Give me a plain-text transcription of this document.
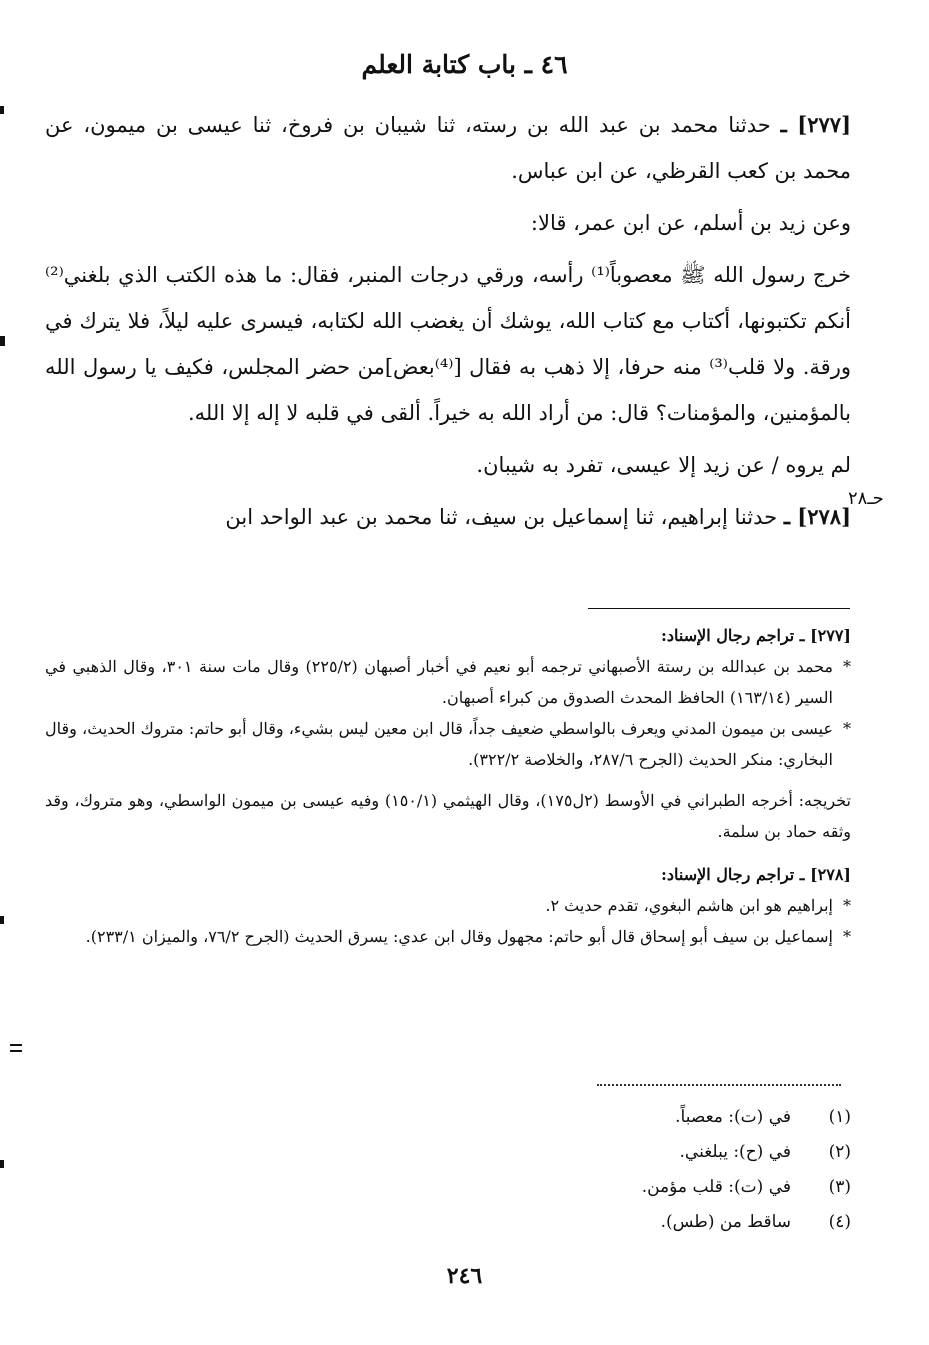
٤٦ ـ باب كتابة العلم

[٢٧٧] ـ حدثنا محمد بن عبد الله بن رسته، ثنا شيبان بن فروخ، ثنا عيسى بن ميمون، عن محمد بن كعب القرظي، عن ابن عباس.

وعن زيد بن أسلم، عن ابن عمر، قالا:

خرج رسول الله ﷺ معصوباً⁽¹⁾ رأسه، ورقي درجات المنبر، فقال: ما هذه الكتب الذي بلغني⁽²⁾ أنكم تكتبونها، أكتاب مع كتاب الله، يوشك أن يغضب الله لكتابه، فيسرى عليه ليلاً، فلا يترك في ورقة. ولا قلب⁽³⁾ منه حرفا، إلا ذهب به فقال [⁽⁴⁾بعض]من حضر المجلس، فكيف يا رسول الله بالمؤمنين، والمؤمنات؟ قال: من أراد الله به خيراً. ألقى في قلبه لا إله إلا الله.

لم يروه / عن زيد إلا عيسى، تفرد به شيبان.

[٢٧٨] ـ حدثنا إبراهيم، ثنا إسماعيل بن سيف، ثنا محمد بن عبد الواحد ابن

حـ٢٨

[٢٧٧] ـ تراجم رجال الإسناد:

*
محمد بن عبدالله بن رستة الأصبهاني ترجمه أبو نعيم في أخبار أصبهان (٢٢٥/٢) وقال مات سنة ٣٠١، وقال الذهبي في السير (١٦٣/١٤) الحافظ المحدث الصدوق من كبراء أصبهان.

*
عيسى بن ميمون المدني ويعرف بالواسطي ضعيف جداً، قال ابن معين ليس بشيء، وقال أبو حاتم: متروك الحديث، وقال البخاري: منكر الحديث (الجرح ٢٨٧/٦، والخلاصة ٣٢٢/٢).

تخريجه: أخرجه الطبراني في الأوسط (٢ل١٧٥)، وقال الهيثمي (١٥٠/١) وفيه عيسى بن ميمون الواسطي، وهو متروك، وقد وثقه حماد بن سلمة.

[٢٧٨] ـ تراجم رجال الإسناد:

*
إبراهيم هو ابن هاشم البغوي، تقدم حديث ٢.

*
إسماعيل بن سيف أبو إسحاق قال أبو حاتم: مجهول وقال ابن عدي: يسرق الحديث (الجرح ٧٦/٢، والميزان ٢٣٣/١).

(١)
في (ت): معصباً.
(٢)
في (ح): يبلغني.
(٣)
في (ت): قلب مؤمن.
(٤)
ساقط من (طس).
٢٤٦
